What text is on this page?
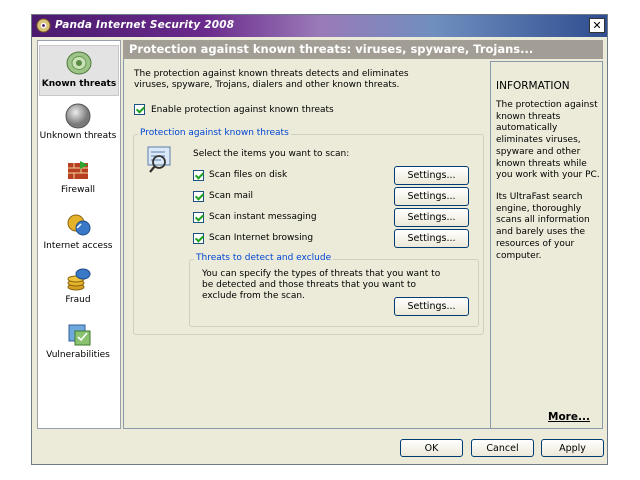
Panda Internet Security 2008	✕
Known threats
Unknown threats
Firewall
Internet access
Fraud
Vulnerabilities
Protection against known threats: viruses, spyware, Trojans...
The protection against known threats detects and eliminates viruses, spyware, Trojans, dialers and other known threats.
Enable protection against known threats
Protection against known threats
Select the items you want to scan:
Scan files on disk	Settings...
Scan mail	Settings...
Scan instant messaging	Settings...
Scan Internet browsing	Settings...
Threats to detect and exclude
You can specify the types of threats that you want to be detected and those threats that you want to exclude from the scan.
Settings...
INFORMATION
The protection against known threats automatically eliminates viruses, spyware and other known threats while you work with your PC.
Its UltraFast search engine, thoroughly scans all information and barely uses the resources of your computer.
More...
OK	Cancel	Apply
